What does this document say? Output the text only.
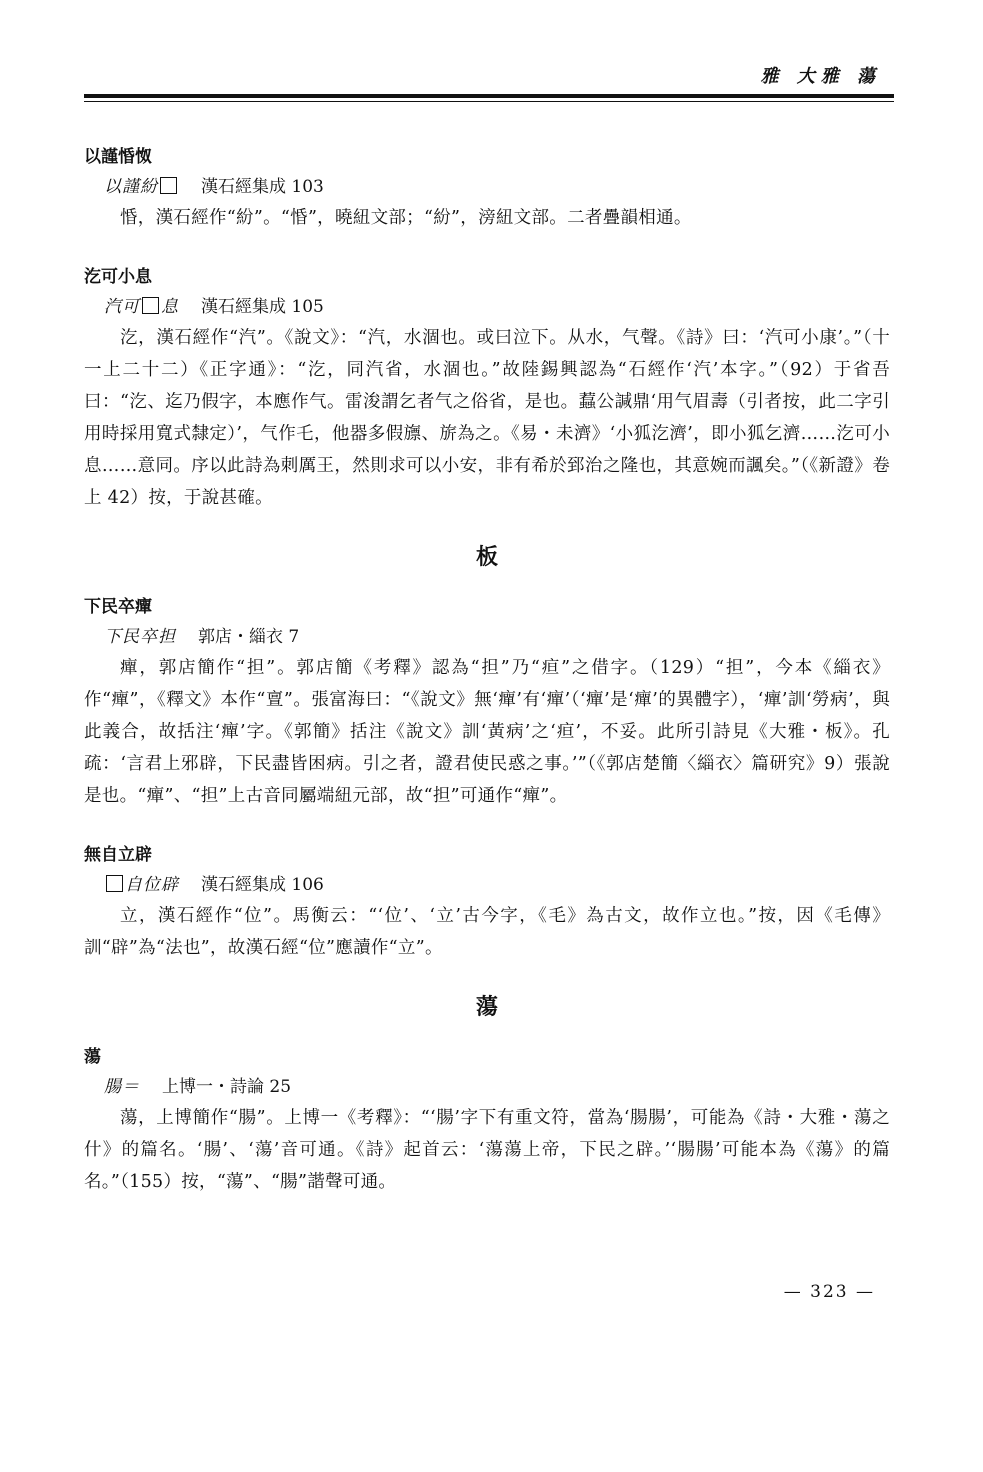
雅 大雅 蕩

以謹惛怓

以謹紛	漢石經集成 103

惛，漢石經作“紛”。“惛”，曉紐文部；“紛”，滂紐文部。二者疊韻相通。

汔可小息

汽可 息 漢石經集成 105

汔，漢石經作“汽”。《說文》：“汽，水涸也。或曰泣下。从水，气聲。《詩》曰：‘汽可小康’。”（十一上二十二）《正字通》：“汔，同汽省，水涸也。”故陸錫興認為“石經作‘汽’本字。”（92）于省吾曰：“汔、迄乃假字，本應作气。雷浚謂乞者气之俗省，是也。蠚公諴鼎‘用气眉壽（引者按，此二字引用時採用寬式隸定）’，气作乇，他器多假旚、旂為之。《易・未濟》‘小狐汔濟’，即小狐乞濟……汔可小息……意同。序以此詩為刺厲王，然則求可以小安，非有希於郅治之隆也，其意婉而諷矣。”（《新證》卷上 42）按，于說甚確。

板

下民卒癉

下民卒担 郭店・緇衣 7

癉，郭店簡作“担”。郭店簡《考釋》認為“担”乃“疸”之借字。（129）“担”，今本《緇衣》作“癉”，《釋文》本作“亶”。張富海曰：“《說文》無‘癉’有‘癉’（‘癉’是‘癉’的異體字），‘癉’訓‘勞病’，與此義合，故括注‘癉’字。《郭簡》括注《說文》訓‘黃病’之‘疸’，不妥。此所引詩見《大雅・板》。孔疏：‘言君上邪辟，下民盡皆困病。引之者，證君使民惑之事。’”（《郭店楚簡〈緇衣〉篇研究》9）張說是也。“癉”、“担”上古音同屬端紐元部，故“担”可通作“癉”。

無自立辟

自位辟 漢石經集成 106

立，漢石經作“位”。馬衡云：“‘位’、‘立’古今字，《毛》為古文，故作立也。”按，因《毛傳》訓“辟”為“法也”，故漢石經“位”應讀作“立”。

蕩

蕩

腸＝ 上博一・詩論 25

蕩，上博簡作“腸”。上博一《考釋》：“‘腸’字下有重文符，當為‘腸腸’，可能為《詩・大雅・蕩之什》的篇名。‘腸’、‘蕩’音可通。《詩》起首云：‘蕩蕩上帝，下民之辟。’‘腸腸’可能本為《蕩》的篇名。”（155）按，“蕩”、“腸”諧聲可通。

— 323 —
